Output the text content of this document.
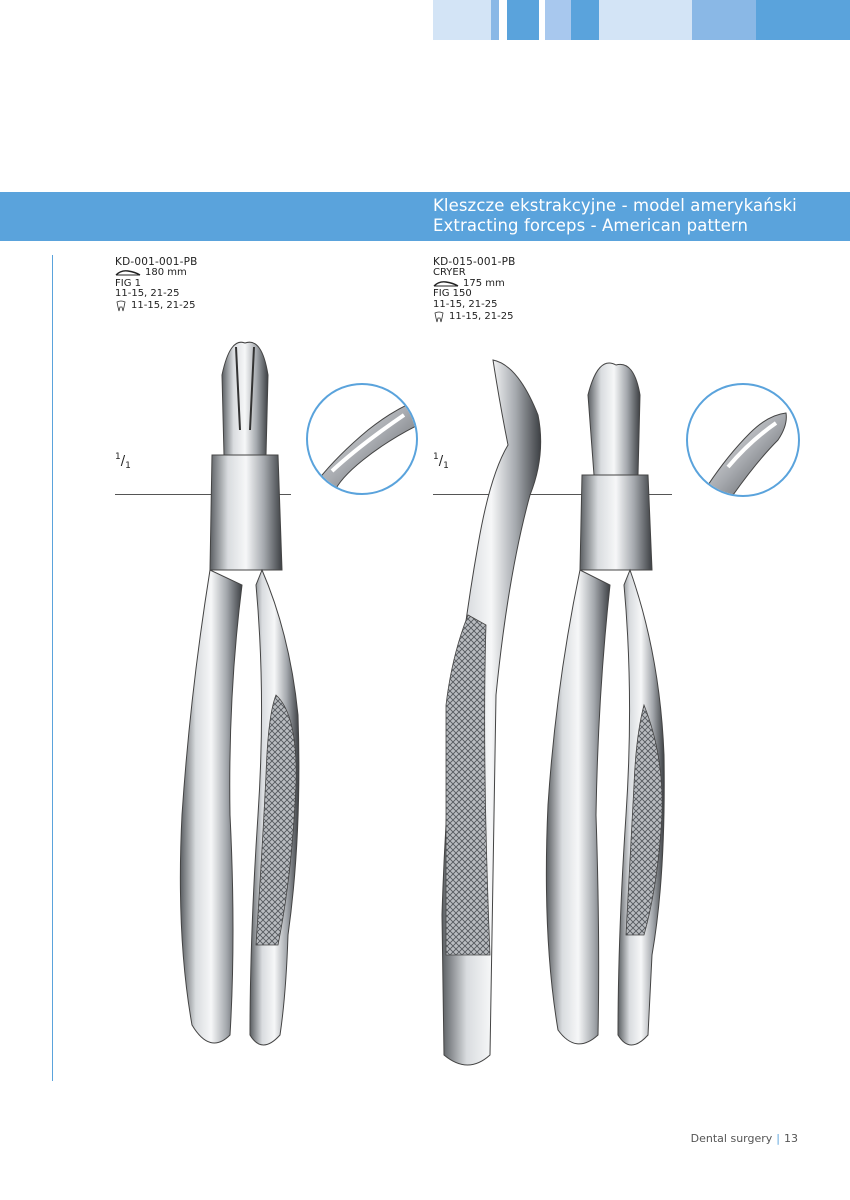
Kleszcze ekstrakcyjne - model amerykański
Extracting forceps - American pattern
KD-001-001-PB
180 mm
FIG 1
11-15, 21-25
11-15, 21-25
KD-015-001-PB
CRYER
175 mm
FIG 150
11-15, 21-25
11-15, 21-25
$^1/_1$
$^1/_1$
Dental surgery | 13
